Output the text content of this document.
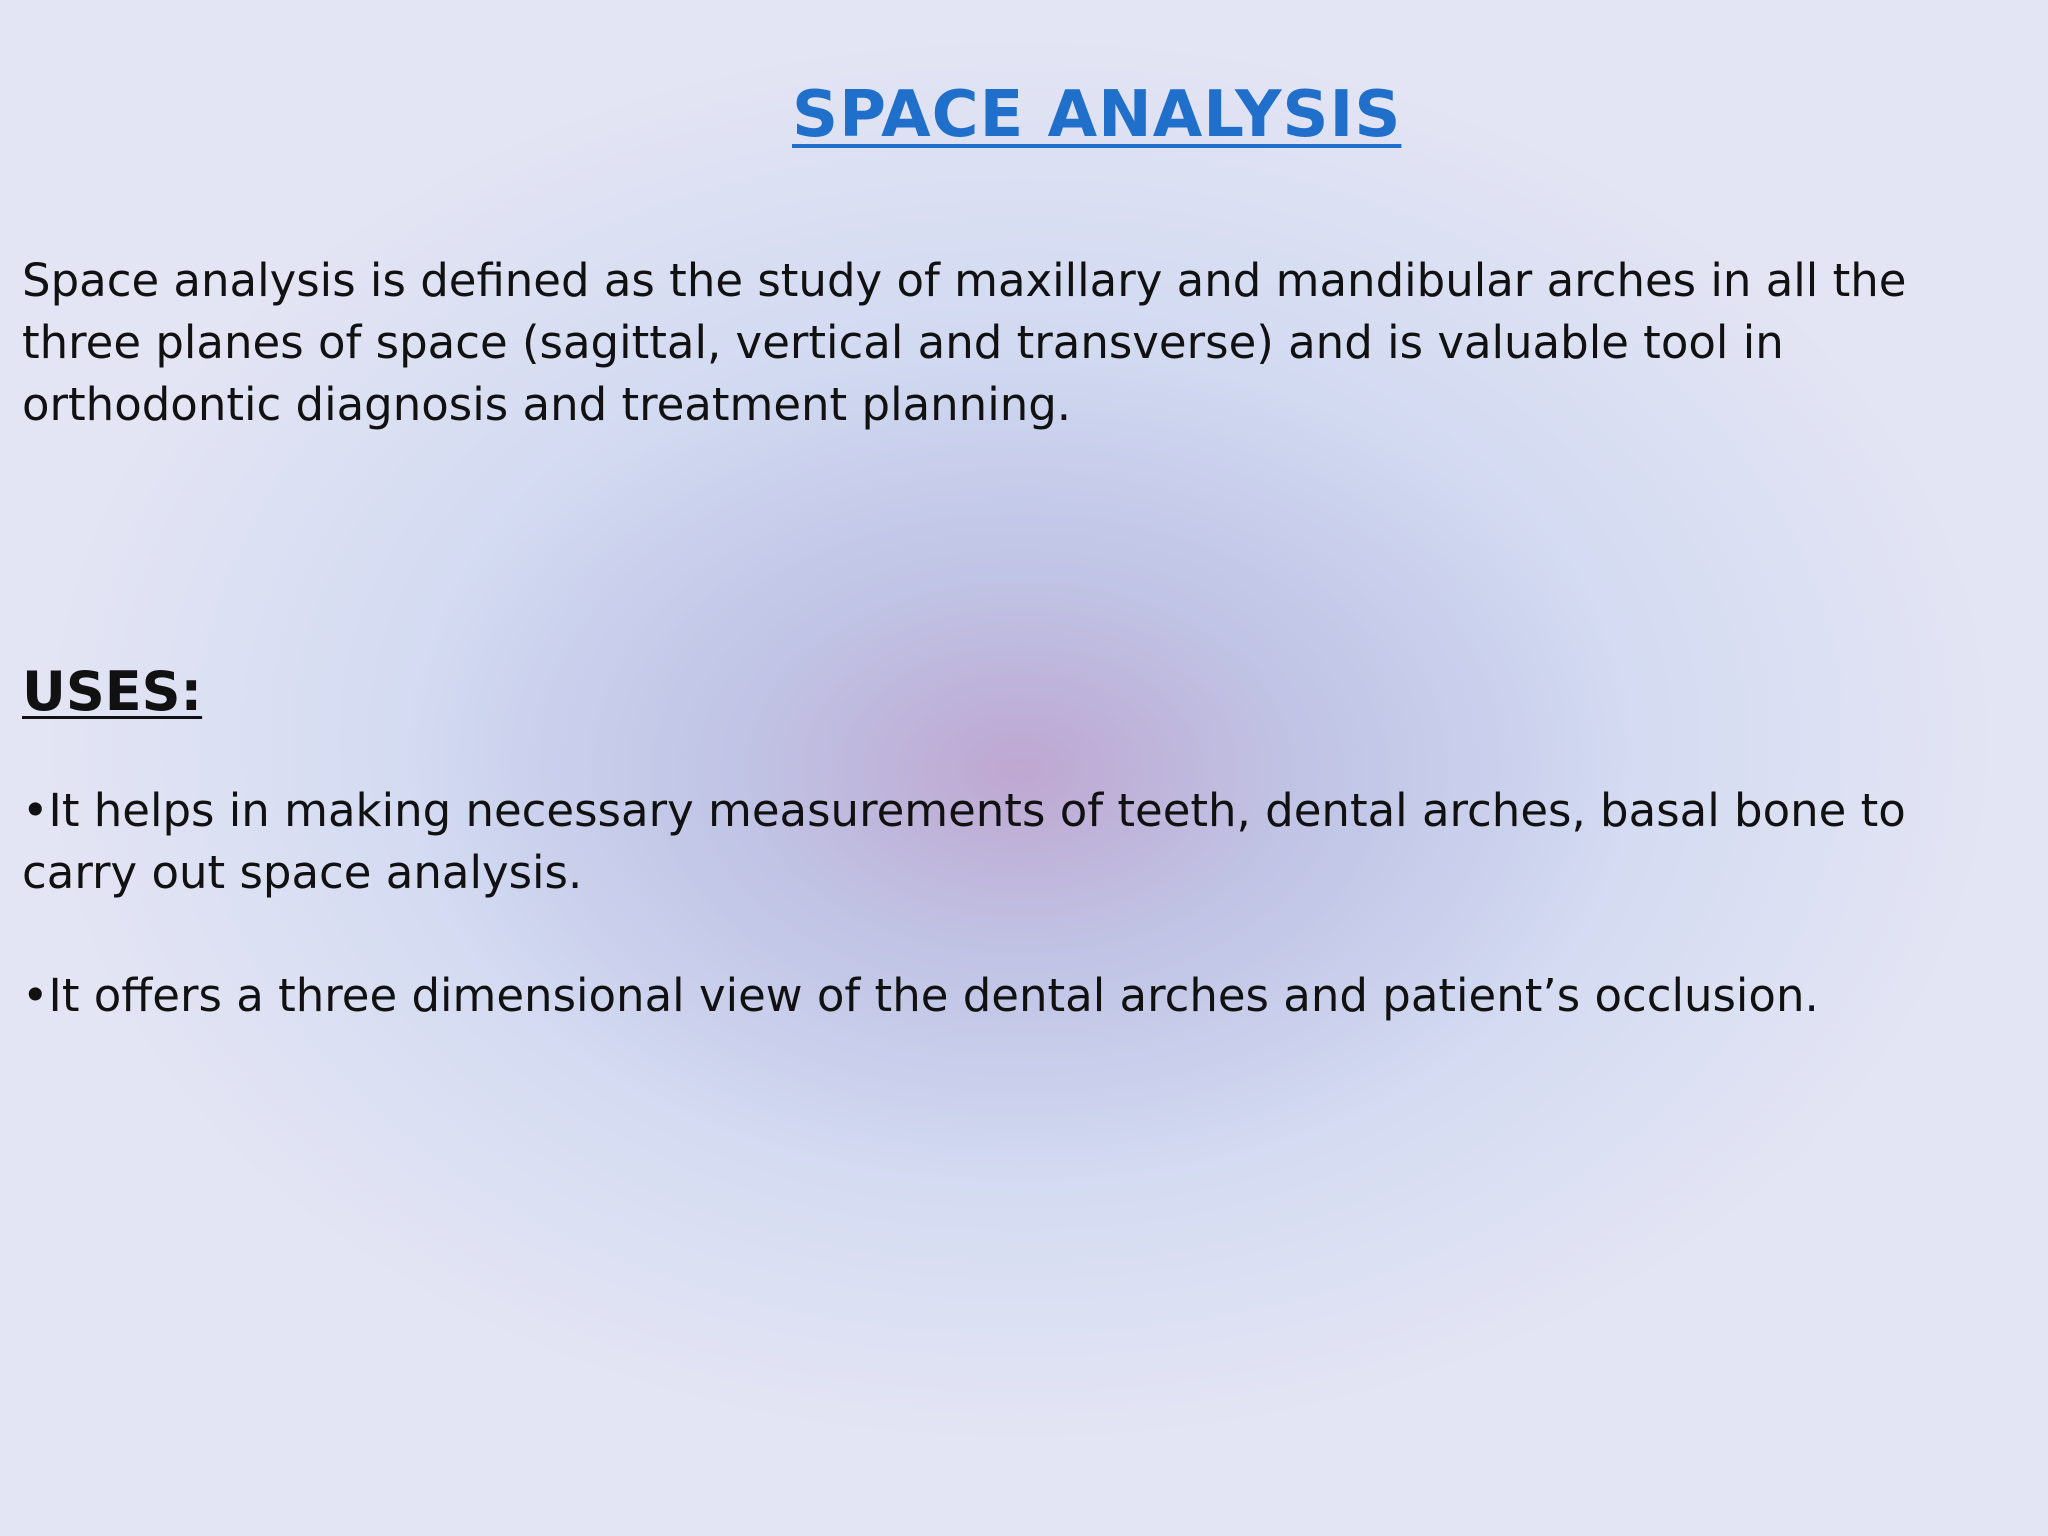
SPACE ANALYSIS

Space analysis is defined as the study of maxillary and mandibular arches in all the three planes of space (sagittal, vertical and transverse) and is valuable tool in orthodontic diagnosis and treatment planning.

USES:

•It helps in making necessary measurements of teeth, dental arches, basal bone to carry out space analysis.

•It offers a three dimensional view of the dental arches and patient’s occlusion.
